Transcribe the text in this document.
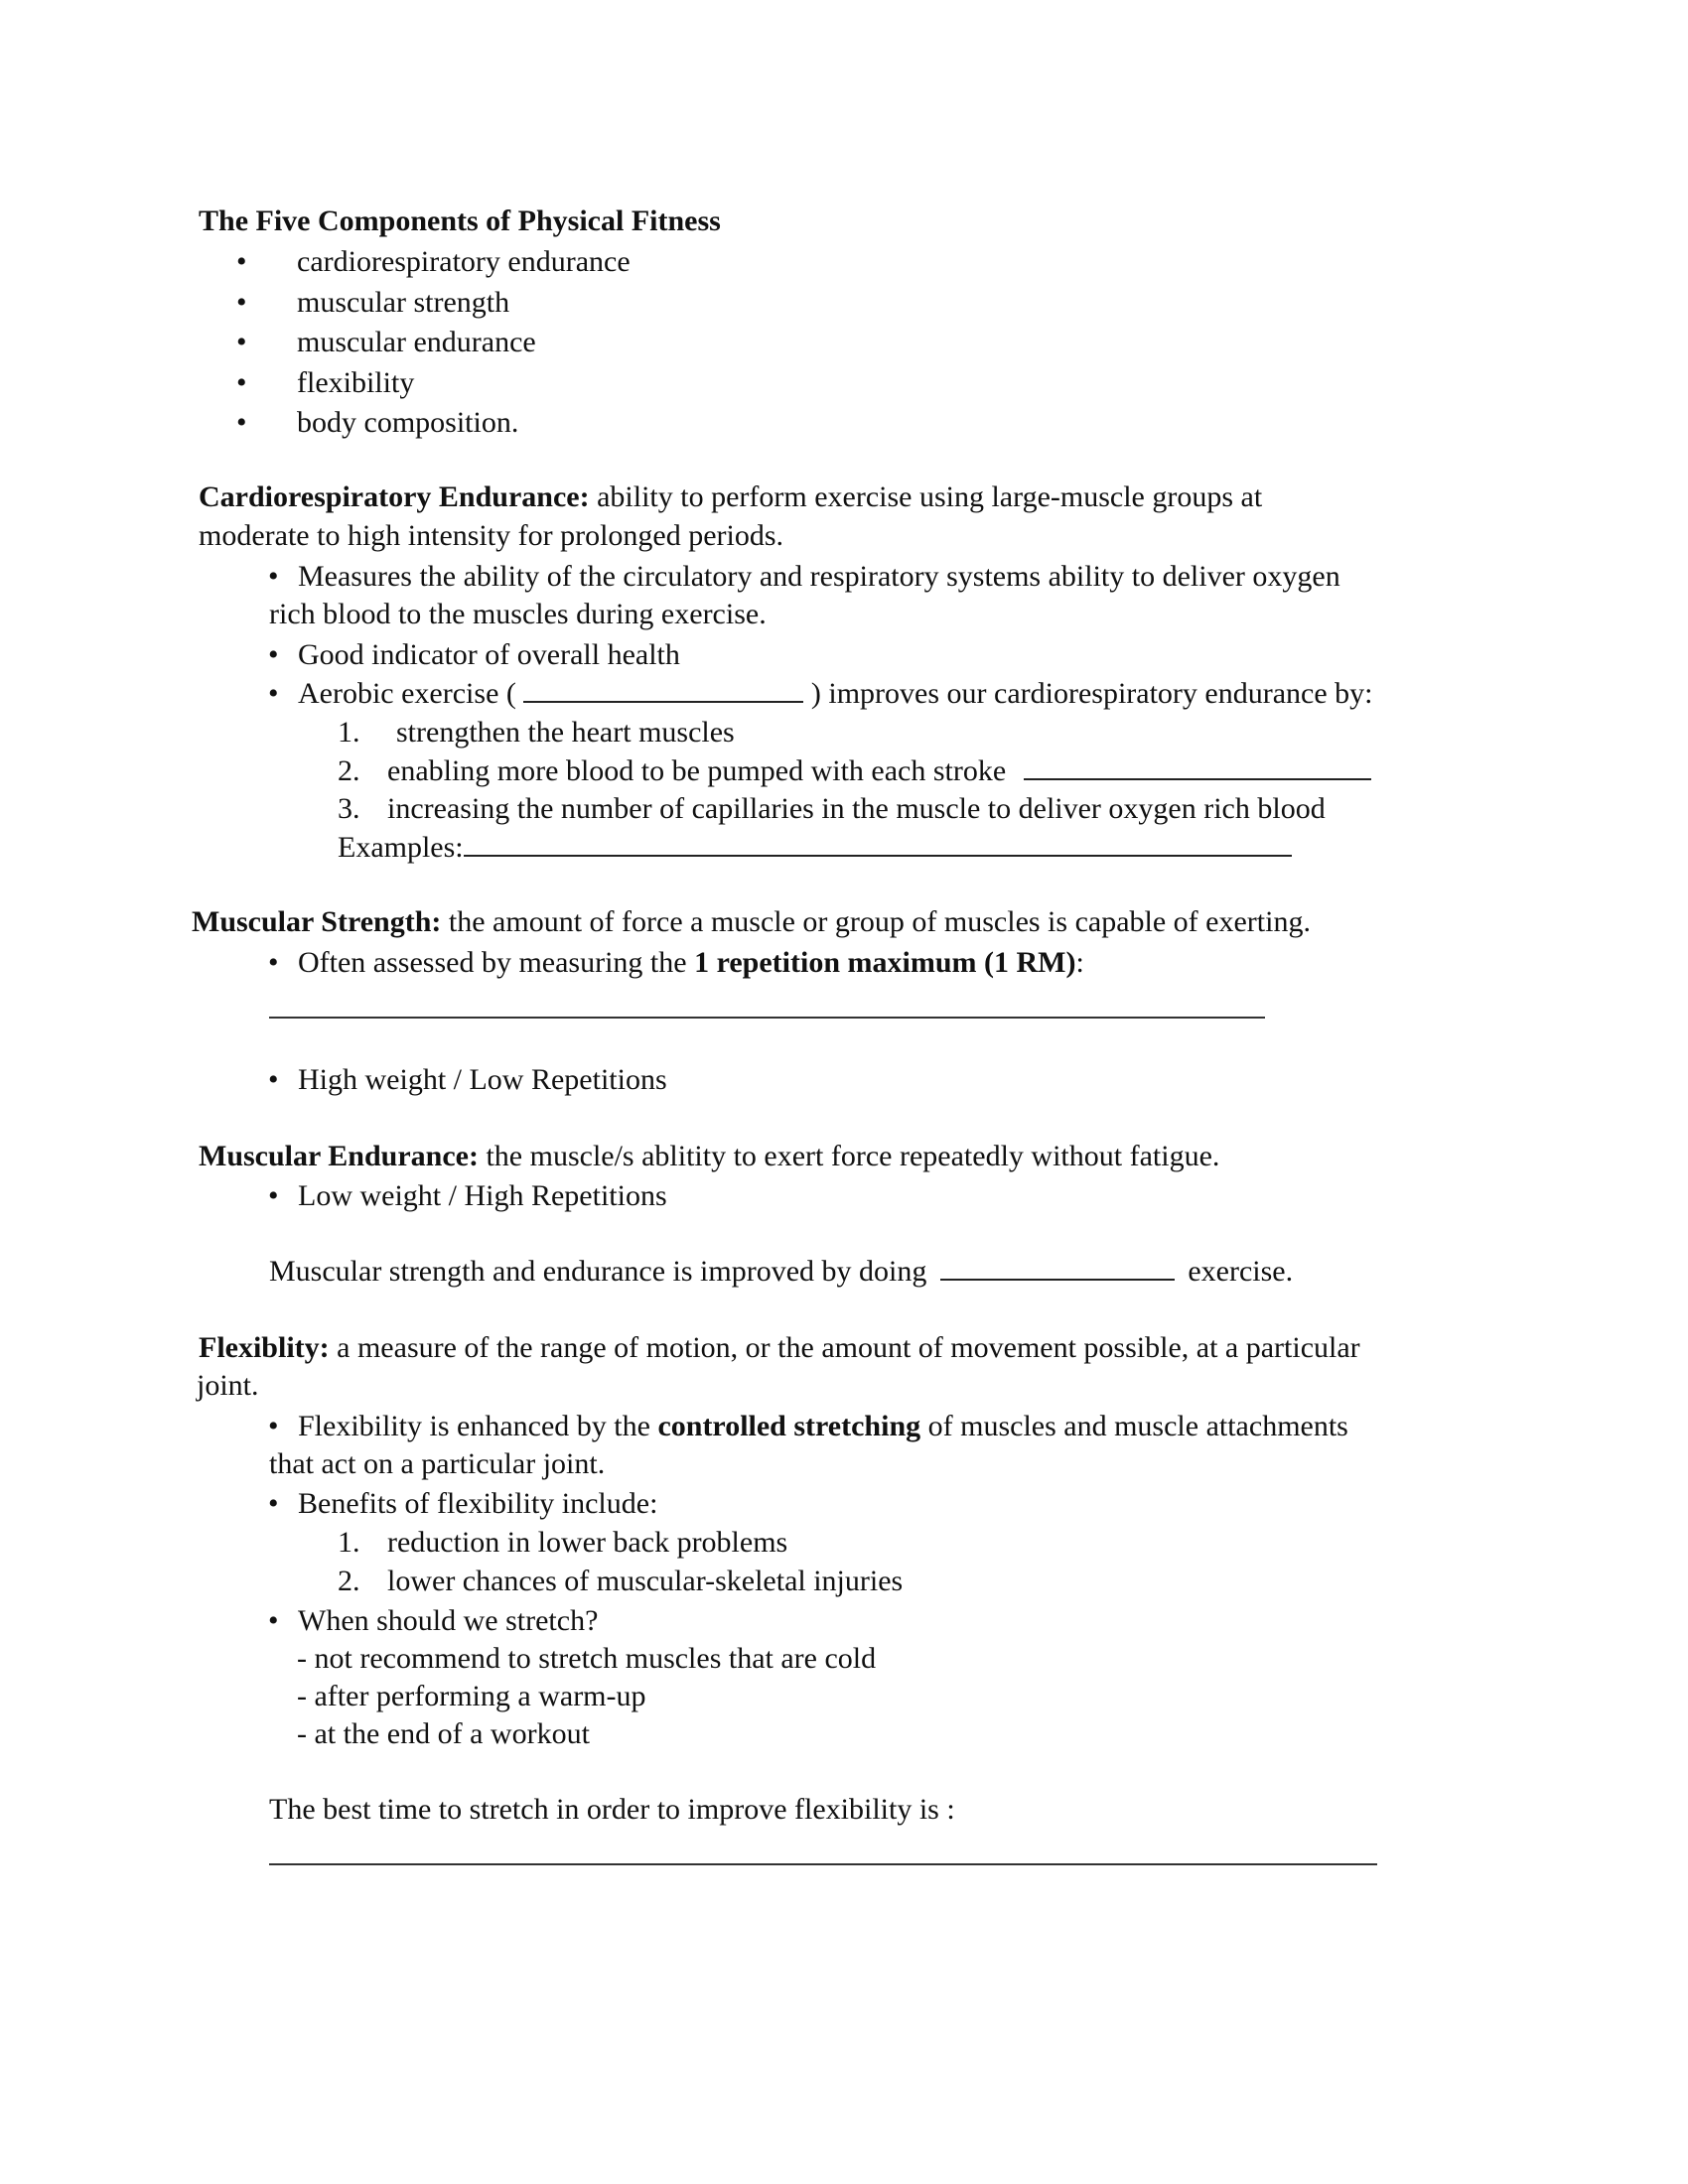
The Five Components of Physical Fitness
• cardiorespiratory endurance
• muscular strength
• muscular endurance
• flexibility
• body composition.
Cardiorespiratory Endurance: ability to perform exercise using large-muscle groups at
moderate to high intensity for prolonged periods.
• Measures the ability of the circulatory and respiratory systems ability to deliver oxygen
rich blood to the muscles during exercise.
• Good indicator of overall health
• Aerobic exercise (	) improves our cardiorespiratory endurance by:
1. strengthen the heart muscles
2. enabling more blood to be pumped with each stroke
3. increasing the number of capillaries in the muscle to deliver oxygen rich blood
Examples:
Muscular Strength: the amount of force a muscle or group of muscles is capable of exerting.
• Often assessed by measuring the 1 repetition maximum (1 RM):
• High weight / Low Repetitions
Muscular Endurance: the muscle/s ablitity to exert force repeatedly without fatigue.
• Low weight / High Repetitions
Muscular strength and endurance is improved by doing	exercise.
Flexiblity: a measure of the range of motion, or the amount of movement possible, at a particular
joint.
• Flexibility is enhanced by the controlled stretching of muscles and muscle attachments
that act on a particular joint.
• Benefits of flexibility include:
1. reduction in lower back problems
2. lower chances of muscular-skeletal injuries
• When should we stretch?
- not recommend to stretch muscles that are cold
- after performing a warm-up
- at the end of a workout
The best time to stretch in order to improve flexibility is :
